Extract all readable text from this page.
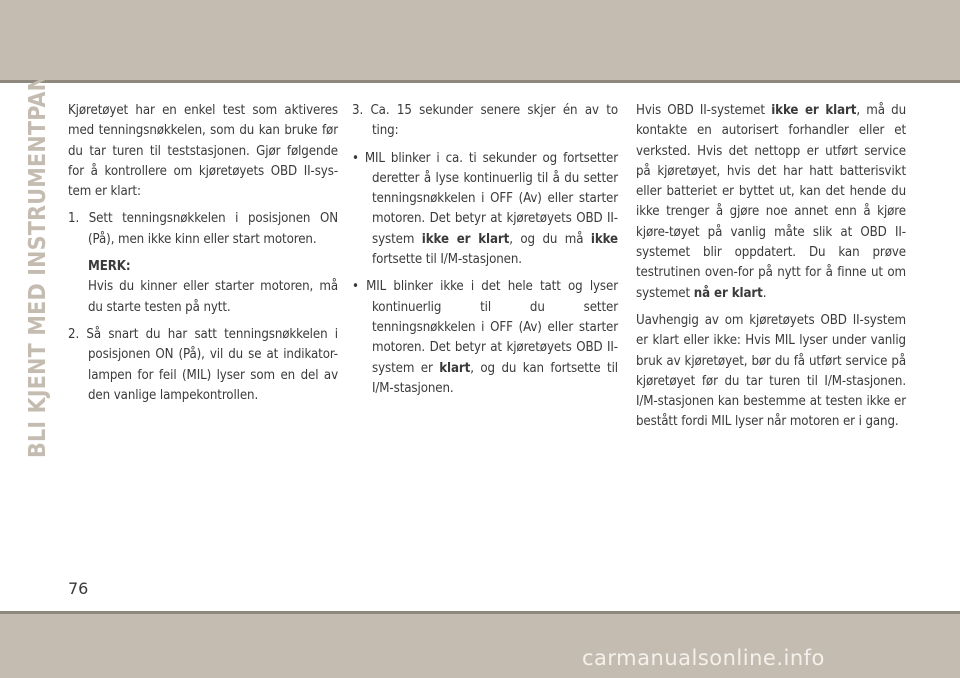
BLI KJENT MED INSTRUMENTPANELET Kjøretøyet har en enkel test som aktiveres med tenningsnøkkelen, som du kan bruke før du tar turen til teststasjonen. Gjør følgende for å kontrollere om kjøretøyets OBD II-sys-tem er klart:

1. Sett tenningsnøkkelen i posisjonen ON (På), men ikke kinn eller start motoren.

MERK:
Hvis du kinner eller starter motoren, må du starte testen på nytt.

2. Så snart du har satt tenningsnøkkelen i posisjonen ON (På), vil du se at indikator-lampen for feil (MIL) lyser som en del av den vanlige lampekontrollen.

3. Ca. 15 sekunder senere skjer én av to ting:

• MIL blinker i ca. ti sekunder og fortsetter deretter å lyse kontinuerlig til å du setter tenningsnøkkelen i OFF (Av) eller starter motoren. Det betyr at kjøretøyets OBD II-system ikke er klart, og du må ikke fortsette til I/M-stasjonen.

• MIL blinker ikke i det hele tatt og lyser kontinuerlig til du setter tenningsnøkkelen i OFF (Av) eller starter motoren. Det betyr at kjøretøyets OBD II-system er klart, og du kan fortsette til I/M-stasjonen.

Hvis OBD II-systemet ikke er klart, må du kontakte en autorisert forhandler eller et verksted. Hvis det nettopp er utført service på kjøretøyet, hvis det har hatt batterisvikt eller batteriet er byttet ut, kan det hende du ikke trenger å gjøre noe annet enn å kjøre kjøre-tøyet på vanlig måte slik at OBD II-systemet blir oppdatert. Du kan prøve testrutinen oven-for på nytt for å finne ut om systemet nå er klart.

Uavhengig av om kjøretøyets OBD II-system er klart eller ikke: Hvis MIL lyser under vanlig bruk av kjøretøyet, bør du få utført service på kjøretøyet før du tar turen til I/M-stasjonen. I/M-stasjonen kan bestemme at testen ikke er bestått fordi MIL lyser når motoren er i gang.

76
carmanualsonline.info
